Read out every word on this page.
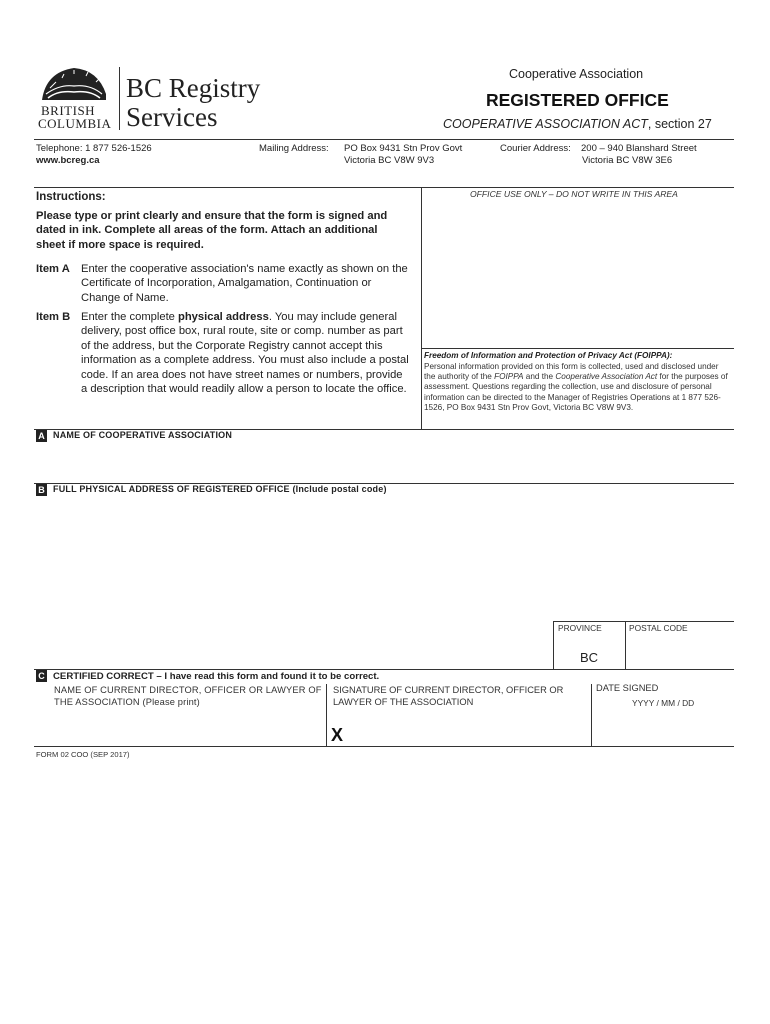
BRITISH
COLUMBIA
BC Registry
Services
Cooperative Association
REGISTERED OFFICE
COOPERATIVE ASSOCIATION ACT, section 27
Telephone: 1 877 526-1526
www.bcreg.ca
Mailing Address: PO Box 9431 Stn Prov Govt
Victoria BC V8W 9V3
Courier Address: 200 – 940 Blanshard Street
Victoria BC V8W 3E6
Instructions:
Please type or print clearly and ensure that the form is signed and dated in ink. Complete all areas of the form. Attach an additional sheet if more space is required.
Item A Enter the cooperative association's name exactly as shown on the Certificate of Incorporation, Amalgamation, Continuation or Change of Name.
Item B Enter the complete physical address. You may include general delivery, post office box, rural route, site or comp. number as part of the address, but the Corporate Registry cannot accept this information as a complete address. You must also include a postal code. If an area does not have street names or numbers, provide a description that would readily allow a person to locate the office.
OFFICE USE ONLY – DO NOT WRITE IN THIS AREA
Freedom of Information and Protection of Privacy Act (FOIPPA):
Personal information provided on this form is collected, used and disclosed under the authority of the FOIPPA and the Cooperative Association Act for the purposes of assessment. Questions regarding the collection, use and disclosure of personal information can be directed to the Manager of Registries Operations at 1 877 526-1526, PO Box 9431 Stn Prov Govt, Victoria BC V8W 9V3.
A NAME OF COOPERATIVE ASSOCIATION
B FULL PHYSICAL ADDRESS OF REGISTERED OFFICE (Include postal code)
PROVINCE	POSTAL CODE
BC
C CERTIFIED CORRECT – I have read this form and found it to be correct.
NAME OF CURRENT DIRECTOR, OFFICER OR LAWYER OF THE ASSOCIATION (Please print)
SIGNATURE OF CURRENT DIRECTOR, OFFICER OR LAWYER OF THE ASSOCIATION
DATE SIGNED
YYYY / MM / DD
X
FORM 02 COO (SEP 2017)
